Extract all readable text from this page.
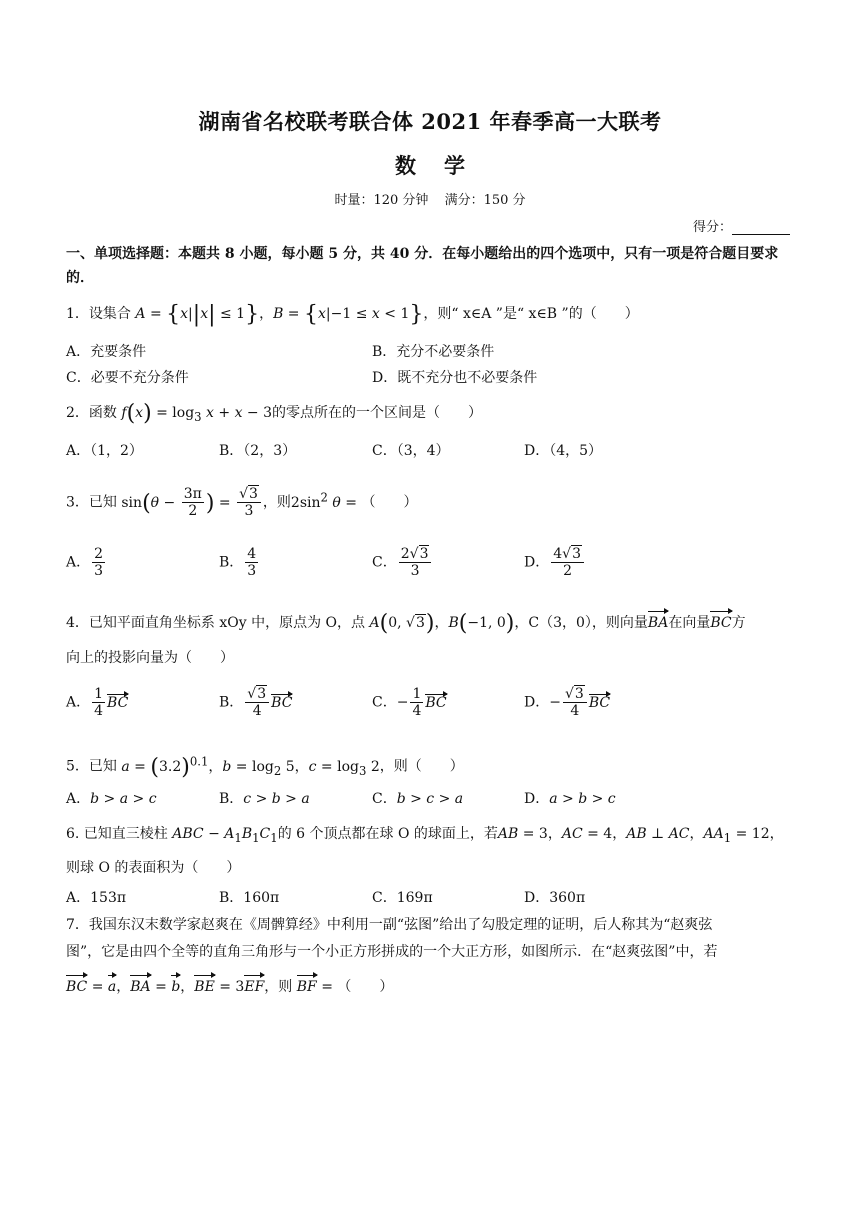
湖南省名校联考联合体 2021 年春季高一大联考
数 学
时量：120 分钟 满分：150 分
得分：
一、单项选择题：本题共 8 小题，每小题 5 分，共 40 分．在每小题给出的四个选项中，只有一项是符合题目要求的．
1．设集合 A = {x||x| ≤ 1}，B = {x|−1 ≤ x < 1}，则“ x∈A ”是“ x∈B ”的（　　）
A．充要条件	B．充分不必要条件
C．必要不充分条件	D．既不充分也不必要条件
2．函数 $f(x) = \log_3 x + x - 3$的零点所在的一个区间是（　　）
A．（1，2）	B．（2，3）	C．（3，4）	D．（4，5）
3．已知 $\sin(\theta - \frac{3\pi}{2}$ ) = $\frac{√3}{3}$ ，则$2\sin^2$ θ = （　　）
A． $\frac{2}{3}$	B． $\frac{4}{3}$	C． $\frac{2√3}{3}$	D． $\frac{4√3}{2}$
4．已知平面直角坐标系 xOy 中，原点为 O，点 A(0, √3)，B(−1, 0)，C（3，0），则向量BA在向量BC方
向上的投影向量为（　　）
A． $\frac{1}{4}$ BC	B． $\frac{√3}{4}$ BC	C．− $\frac{1}{4}$ BC	D．− $\frac{√3}{4}$ BC
5．已知 $a = (3.2)^{0.1}$，$b = \log_2 5$，$c = \log_3 2$，则（　　）
A．b > a > c	B．c > b > a	C．b > c > a	D．a > b > c
6. 已知直三棱柱 ABC − $A_1B_1C_1$的 6 个顶点都在球 O 的球面上，若AB = 3，AC = 4，AB ⊥ AC，$AA_1 = 12$，
则球 O 的表面积为（　　）
A．153π	B．160π	C．169π	D．360π
7．我国东汉末数学家赵爽在《周髀算经》中利用一副“弦图”给出了勾股定理的证明，后人称其为“赵爽弦
图”，它是由四个全等的直角三角形与一个小正方形拼成的一个大正方形，如图所示．在“赵爽弦图”中，若
BC = a，BA = b，BE = 3EF，则 BF = （　　）
